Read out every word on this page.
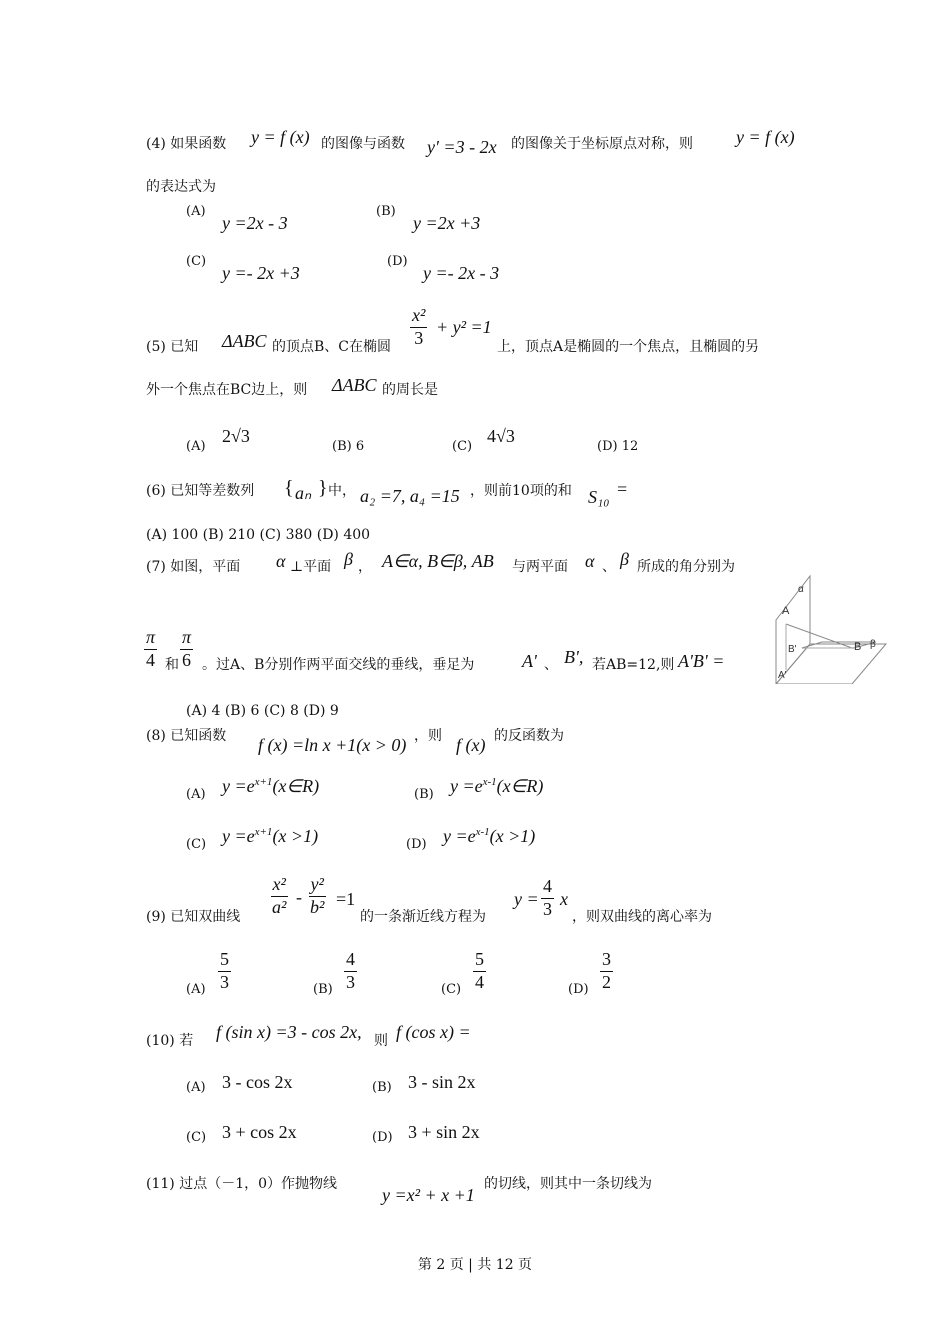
(4) 如果函数 y = f (x) 的图像与函数 y′ =3 - 2x 的图像关于坐标原点对称，则 y = f (x)
的表达式为
(A)
y =2x - 3
(B)
y =2x +3
(C)
y =- 2x +3
(D)
y =- 2x - 3
(5) 已知 ΔABC 的顶点B、C在椭圆 $\frac{\text{x²}}{3} + y^2 =1$
上，顶点A是椭圆的一个焦点，且椭圆的另
外一个焦点在BC边上，则 ΔABC 的周长是
(A)
2√3
(B) 6	(C)
4√3
(D) 12
(6) 已知等差数列 { aₙ } 中， a₂ =7, a₄ =15 ，则前10项的和 S₁₀ =
(A) 100 (B) 210 (C) 380 (D) 400
(7) 如图，平面 α ⊥平面 β ， A∈α, B∈β, AB 与两平面 α 、 β 所成的角分别为
$\frac{\pi}{4}$ 和 $\frac{\pi}{6}$ 。过A、B分别作两平面交线的垂线，垂足为	A' 、 B', 若AB=12,则 A'B' =
α
β
A
B
B'
A'
(A) 4 (B) 6 (C) 8 (D) 9
(8) 已知函数 f (x) =ln x +1(x > 0) ，则 f (x) 的反函数为
(A) $y =e^{x+1}(x\in R)$	(B) $y =e^{x-1}(x\in R)$
(C) $y =e^{x+1}(x >1)$	(D) $y =e^{x-1}(x >1)$
(9) 已知双曲线 $\frac{\text{x²}}{\text{a²}} - \frac{\text{y²}}{\text{b²}} =1$
的一条渐近线方程为
$y = \frac{4}{3}$ x
，则双曲线的离心率为
$(A) \frac{5}{3}$	$(B) \frac{4}{3}$	$(C) \frac{5}{4}$	$(D) \frac{3}{2}$
(10) 若 f (sin x) =3 - cos 2x, 则 f (cos x) =
(A) 3 - cos 2x	(B) 3 - sin 2x
(C) 3 + cos 2x	(D) 3 + sin 2x
(11) 过点（－1，0）作抛物线
y =x² + x +1
的切线，则其中一条切线为
第 2 页 | 共 12 页
